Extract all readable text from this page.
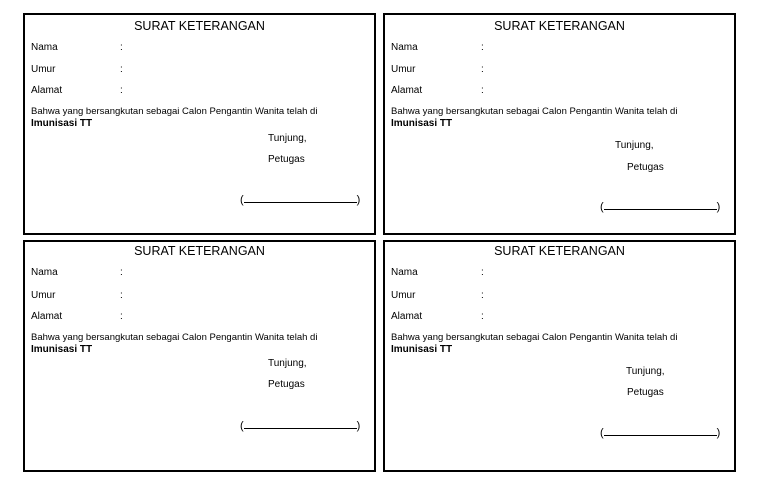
SURAT KETERANGAN
Nama	:
Umur	:
Alamat	:
Bahwa yang bersangkutan sebagai Calon Pengantin Wanita telah di
Imunisasi TT
Tunjung,
Petugas
(	)
SURAT KETERANGAN
Nama	:
Umur	:
Alamat	:
Bahwa yang bersangkutan sebagai Calon Pengantin Wanita telah di
Imunisasi TT
Tunjung,
Petugas
(	)
SURAT KETERANGAN
Nama	:
Umur	:
Alamat	:
Bahwa yang bersangkutan sebagai Calon Pengantin Wanita telah di
Imunisasi TT
Tunjung,
Petugas
(	)
SURAT KETERANGAN
Nama	:
Umur	:
Alamat	:
Bahwa yang bersangkutan sebagai Calon Pengantin Wanita telah di
Imunisasi TT
Tunjung,
Petugas
(	)
